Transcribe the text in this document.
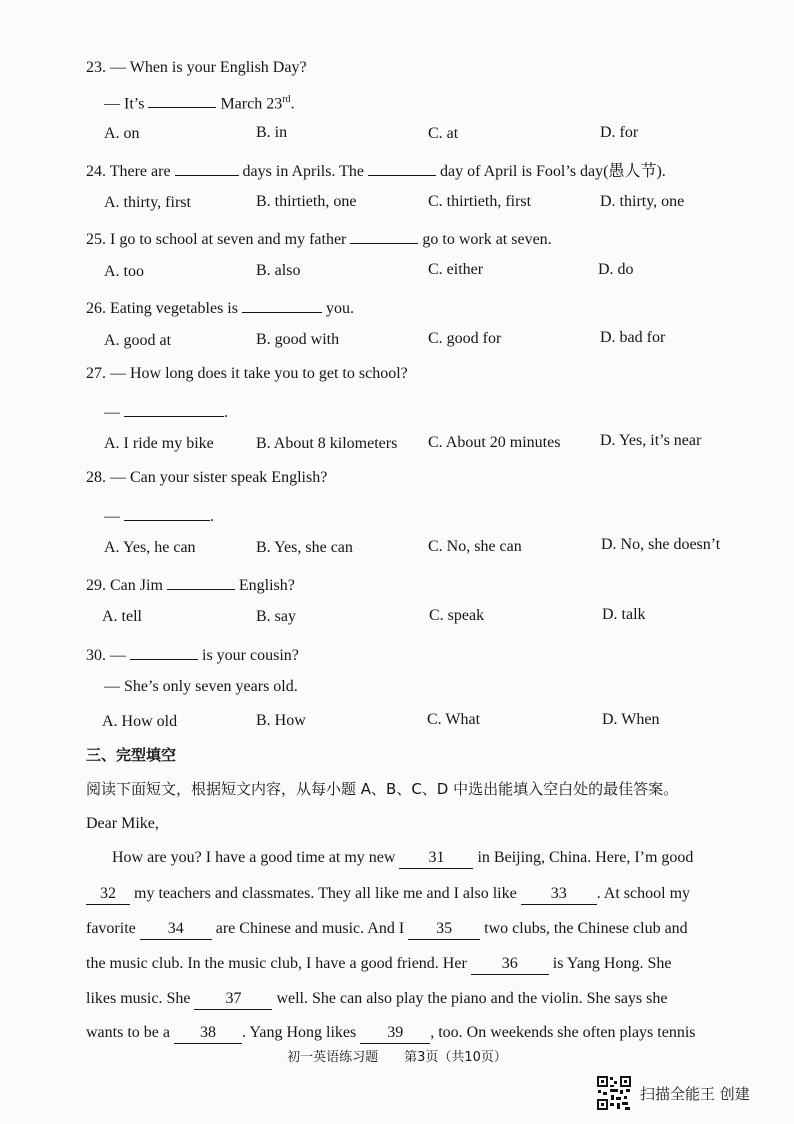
23. — When is your English Day?
— It’s	March 23rd.
A. on	B. in	C. at	D. for
24. There are	days in Aprils. The	day of April is Fool’s day(愚人节).
A. thirty, first	B. thirtieth, one	C. thirtieth, first	D. thirty, one
25. I go to school at seven and my father	go to work at seven.
A. too	B. also	C. either	D. do
26. Eating vegetables is	you.
A. good at	B. good with	C. good for	D. bad for
27. — How long does it take you to get to school?
—	.
A. I ride my bike	B. About 8 kilometers C. About 20 minutes D. Yes, it’s near
28. — Can your sister speak English?
—	.
A. Yes, he can	B. Yes, she can	C. No, she can	D. No, she doesn’t
29. Can Jim	English?
A. tell	B. say	C. speak	D. talk
30. —	is your cousin?
— She’s only seven years old.
A. How old	B. How	C. What	D. When
三、完型填空
阅读下面短文，根据短文内容，从每小题 A、B、C、D 中选出能填入空白处的最佳答案。
Dear Mike,
How are you? I have a good time at my new 31 in Beijing, China. Here, I’m good
32 my teachers and classmates. They all like me and I also like 33 . At school my
favorite 34 are Chinese and music. And I 35 two clubs, the Chinese club and
the music club. In the music club, I have a good friend. Her 36 is Yang Hong. She
likes music. She 37 well. She can also play the piano and the violin. She says she
wants to be a 38 . Yang Hong likes 39 , too. On weekends she often plays tennis
初一英语练习题　　第3页（共10页）
扫描全能王 创建
